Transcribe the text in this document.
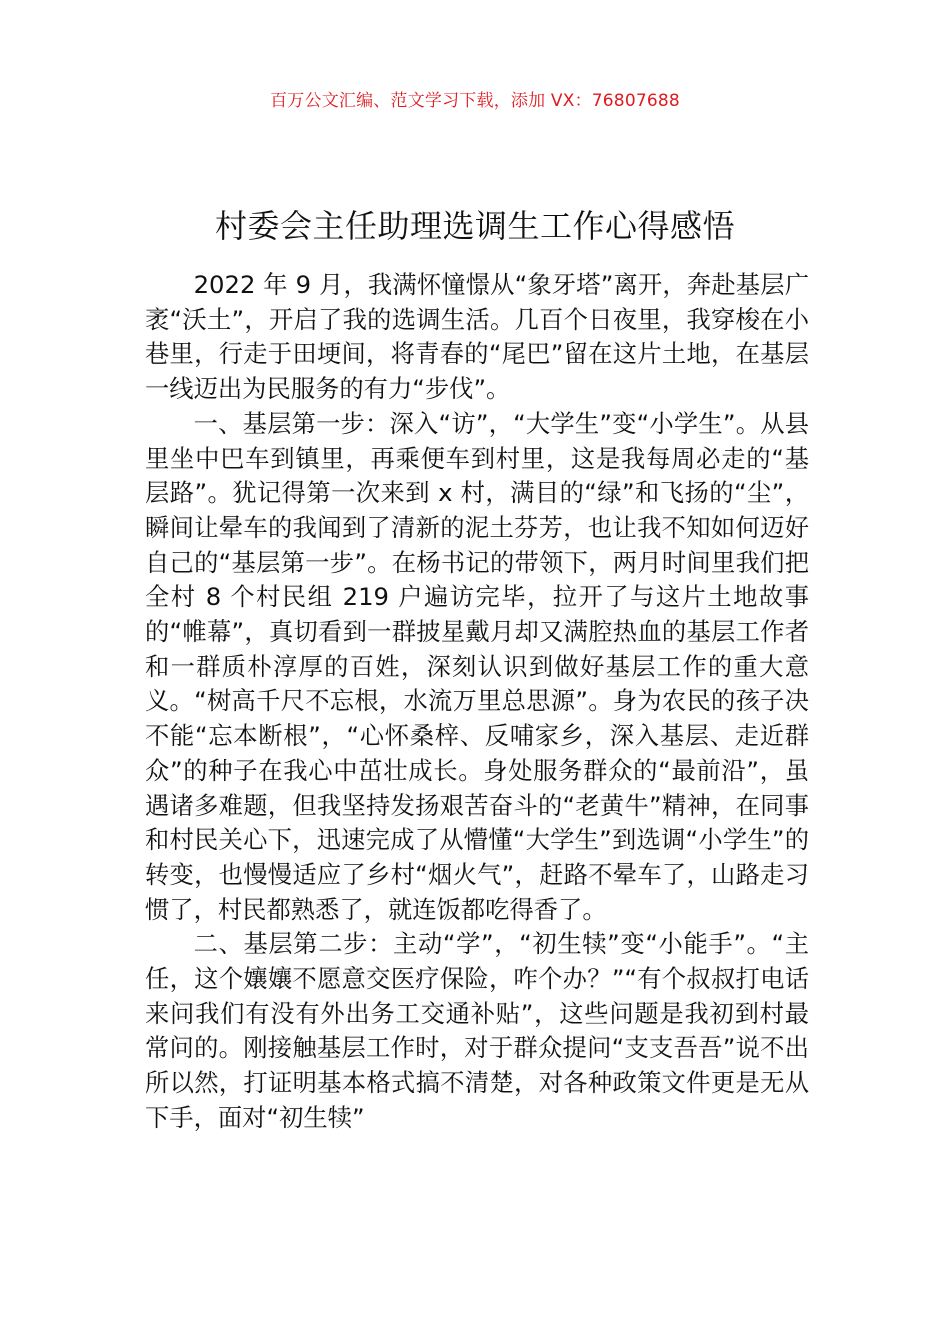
百万公文汇编、范文学习下载，添加 VX：76807688
村委会主任助理选调生工作心得感悟

2022 年 9 月，我满怀憧憬从“象牙塔”离开，奔赴基层广袤“沃土”，开启了我的选调生活。几百个日夜里，我穿梭在小巷里，行走于田埂间，将青春的“尾巴”留在这片土地，在基层一线迈出为民服务的有力“步伐”。

一、基层第一步：深入“访”，“大学生”变“小学生”。从县里坐中巴车到镇里，再乘便车到村里，这是我每周必走的“基层路”。犹记得第一次来到 x 村，满目的“绿”和飞扬的“尘”，瞬间让晕车的我闻到了清新的泥土芬芳，也让我不知如何迈好自己的“基层第一步”。在杨书记的带领下，两月时间里我们把全村 8 个村民组 219 户遍访完毕，拉开了与这片土地故事的“帷幕”，真切看到一群披星戴月却又满腔热血的基层工作者和一群质朴淳厚的百姓，深刻认识到做好基层工作的重大意义。“树高千尺不忘根，水流万里总思源”。身为农民的孩子决不能“忘本断根”，“心怀桑梓、反哺家乡，深入基层、走近群众”的种子在我心中茁壮成长。身处服务群众的“最前沿”，虽遇诸多难题，但我坚持发扬艰苦奋斗的“老黄牛”精神，在同事和村民关心下，迅速完成了从懵懂“大学生”到选调“小学生”的转变，也慢慢适应了乡村“烟火气”，赶路不晕车了，山路走习惯了，村民都熟悉了，就连饭都吃得香了。

二、基层第二步：主动“学”，“初生犊”变“小能手”。“主任，这个孃孃不愿意交医疗保险，咋个办？”“有个叔叔打电话来问我们有没有外出务工交通补贴”，这些问题是我初到村最常问的。刚接触基层工作时，对于群众提问“支支吾吾”说不出所以然，打证明基本格式搞不清楚，对各种政策文件更是无从下手，面对“初生犊”
